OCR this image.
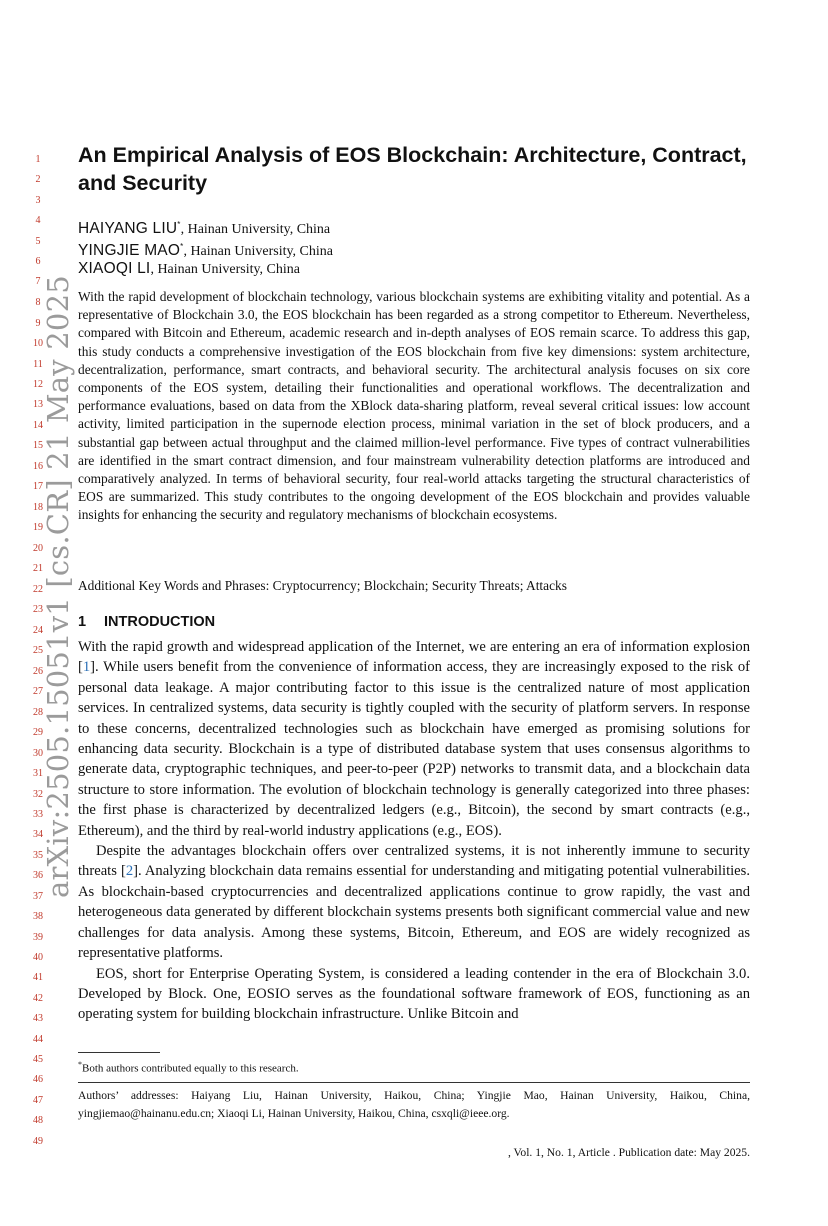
1
2
3
4
5
6
7
8
9
10
11
12
13
14
15
16
17
18
19
20
21
22
23
24
25
26
27
28
29
30
31
32
33
34
35
36
37
38
39
40
41
42
43
44
45
46
47
48
49
arXiv:2505.15051v1 [cs.CR] 21 May 2025
An Empirical Analysis of EOS Blockchain: Architecture, Contract, and Security
HAIYANG LIU*, Hainan University, China
YINGJIE MAO*, Hainan University, China
XIAOQI LI, Hainan University, China

With the rapid development of blockchain technology, various blockchain systems are exhibiting vitality and potential. As a representative of Blockchain 3.0, the EOS blockchain has been regarded as a strong competitor to Ethereum. Nevertheless, compared with Bitcoin and Ethereum, academic research and in-depth analyses of EOS remain scarce. To address this gap, this study conducts a comprehensive investigation of the EOS blockchain from five key dimensions: system architecture, decentralization, performance, smart contracts, and behavioral security. The architectural analysis focuses on six core components of the EOS system, detailing their functionalities and operational workflows. The decentralization and performance evaluations, based on data from the XBlock data-sharing platform, reveal several critical issues: low account activity, limited participation in the supernode election process, minimal variation in the set of block producers, and a substantial gap between actual throughput and the claimed million-level performance. Five types of contract vulnerabilities are identified in the smart contract dimension, and four mainstream vulnerability detection platforms are introduced and comparatively analyzed. In terms of behavioral security, four real-world attacks targeting the structural characteristics of EOS are summarized. This study contributes to the ongoing development of the EOS blockchain and provides valuable insights for enhancing the security and regulatory mechanisms of blockchain ecosystems.

Additional Key Words and Phrases: Cryptocurrency; Blockchain; Security Threats; Attacks
1 INTRODUCTION

With the rapid growth and widespread application of the Internet, we are entering an era of information explosion [1]. While users benefit from the convenience of information access, they are increasingly exposed to the risk of personal data leakage. A major contributing factor to this issue is the centralized nature of most application services. In centralized systems, data security is tightly coupled with the security of platform servers. In response to these concerns, decentralized technologies such as blockchain have emerged as promising solutions for enhancing data security. Blockchain is a type of distributed database system that uses consensus algorithms to generate data, cryptographic techniques, and peer-to-peer (P2P) networks to transmit data, and a blockchain data structure to store information. The evolution of blockchain technology is generally categorized into three phases: the first phase is characterized by decentralized ledgers (e.g., Bitcoin), the second by smart contracts (e.g., Ethereum), and the third by real-world industry applications (e.g., EOS).

Despite the advantages blockchain offers over centralized systems, it is not inherently immune to security threats [2]. Analyzing blockchain data remains essential for understanding and mitigating potential vulnerabilities. As blockchain-based cryptocurrencies and decentralized applications continue to grow rapidly, the vast and heterogeneous data generated by different blockchain systems presents both significant commercial value and new challenges for data analysis. Among these systems, Bitcoin, Ethereum, and EOS are widely recognized as representative platforms.

EOS, short for Enterprise Operating System, is considered a leading contender in the era of Blockchain 3.0. Developed by Block. One, EOSIO serves as the foundational software framework of EOS, functioning as an operating system for building blockchain infrastructure. Unlike Bitcoin and

*Both authors contributed equally to this research.

Authors’ addresses: Haiyang Liu, Hainan University, Haikou, China; Yingjie Mao, Hainan University, Haikou, China, yingjiemao@hainanu.edu.cn; Xiaoqi Li, Hainan University, Haikou, China, csxqli@ieee.org.

, Vol. 1, No. 1, Article . Publication date: May 2025.
